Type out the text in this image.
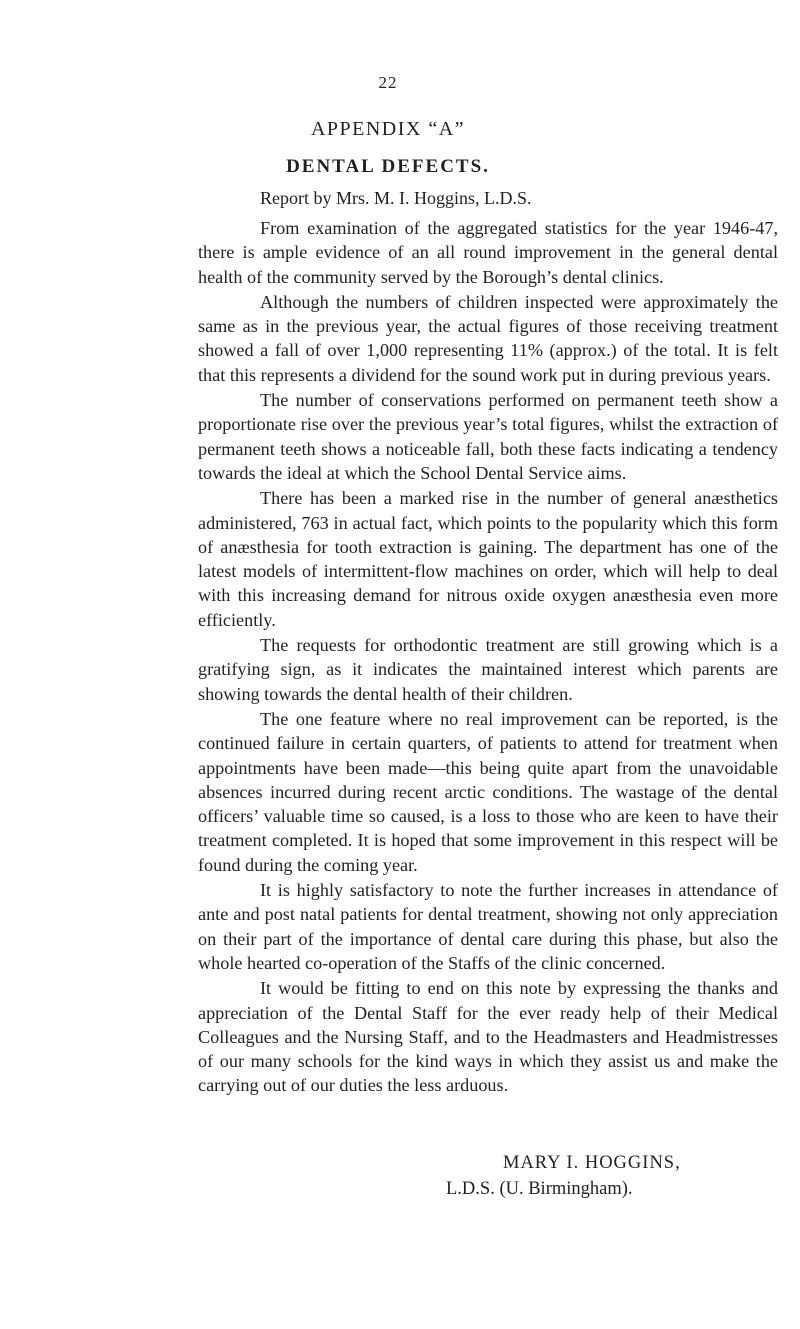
22
APPENDIX “A”
DENTAL DEFECTS.
Report by Mrs. M. I. Hoggins, L.D.S.

From examination of the aggregated statistics for the year 1946-47, there is ample evidence of an all round improvement in the general dental health of the community served by the Borough’s dental clinics.

Although the numbers of children inspected were approximately the same as in the previous year, the actual figures of those receiving treatment showed a fall of over 1,000 representing 11% (approx.) of the total. It is felt that this represents a dividend for the sound work put in during previous years.

The number of conservations performed on permanent teeth show a proportionate rise over the previous year’s total figures, whilst the extraction of permanent teeth shows a noticeable fall, both these facts indicating a tendency towards the ideal at which the School Dental Service aims.

There has been a marked rise in the number of general anæsthetics administered, 763 in actual fact, which points to the popularity which this form of anæsthesia for tooth extraction is gaining. The department has one of the latest models of intermittent-flow machines on order, which will help to deal with this increasing demand for nitrous oxide oxygen anæsthesia even more efficiently.

The requests for orthodontic treatment are still growing which is a gratifying sign, as it indicates the maintained interest which parents are showing towards the dental health of their children.

The one feature where no real improvement can be reported, is the continued failure in certain quarters, of patients to attend for treatment when appointments have been made—this being quite apart from the unavoidable absences incurred during recent arctic conditions. The wastage of the dental officers’ valuable time so caused, is a loss to those who are keen to have their treatment completed. It is hoped that some improvement in this respect will be found during the coming year.

It is highly satisfactory to note the further increases in attendance of ante and post natal patients for dental treatment, showing not only appreciation on their part of the importance of dental care during this phase, but also the whole hearted co-operation of the Staffs of the clinic concerned.

It would be fitting to end on this note by expressing the thanks and appreciation of the Dental Staff for the ever ready help of their Medical Colleagues and the Nursing Staff, and to the Headmasters and Headmistresses of our many schools for the kind ways in which they assist us and make the carrying out of our duties the less arduous.

MARY I. HOGGINS,
L.D.S. (U. Birmingham).
